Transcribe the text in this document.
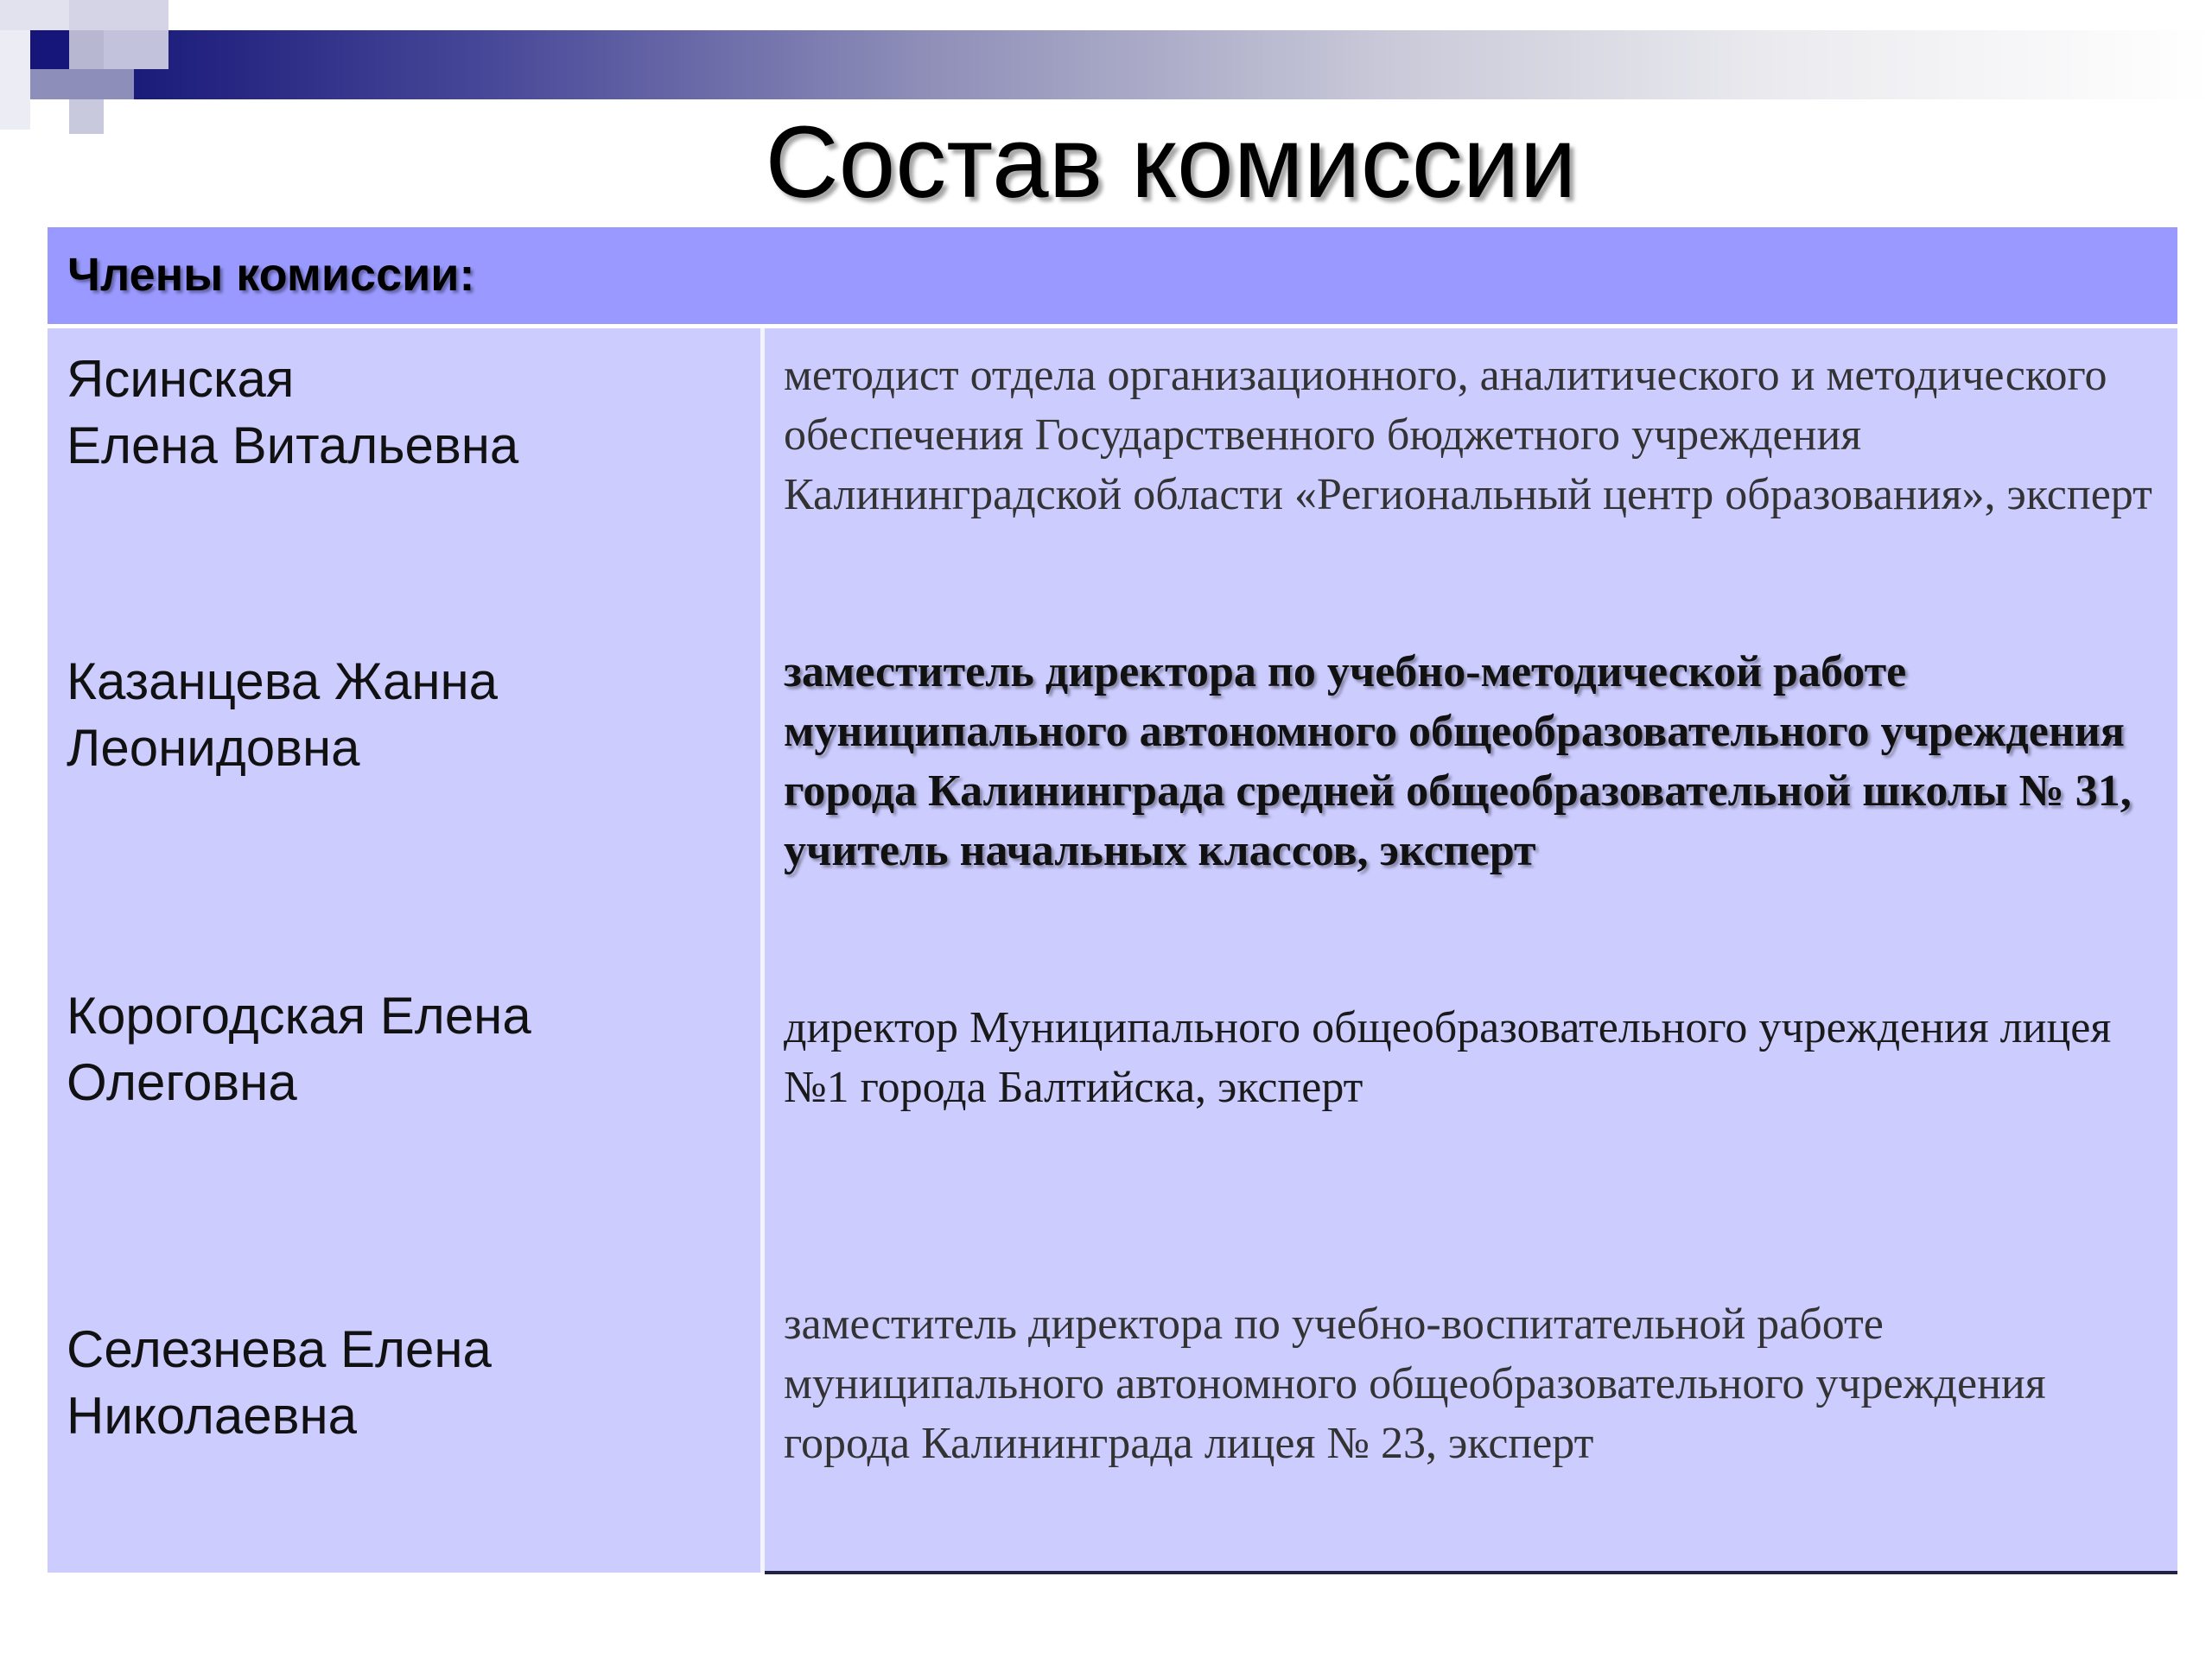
Состав комиссии
Члены комиссии:
Ясинская
Елена Витальевна
Казанцева Жанна
Леонидовна
Корогодская Елена
Олеговна
Селезнева Елена
Николаевна
методист отдела организационного, аналитического и методического обеспечения Государственного бюджетного учреждения Калининградской области «Региональный центр образования», эксперт
заместитель директора по учебно-методической работе муниципального автономного общеобразовательного учреждения города Калининграда средней общеобразовательной школы № 31, учитель начальных классов, эксперт
директор Муниципального общеобразовательного учреждения лицея №1 города Балтийска, эксперт
заместитель директора по учебно-воспитательной работе муниципального автономного общеобразовательного учреждения города Калининграда лицея № 23, эксперт
